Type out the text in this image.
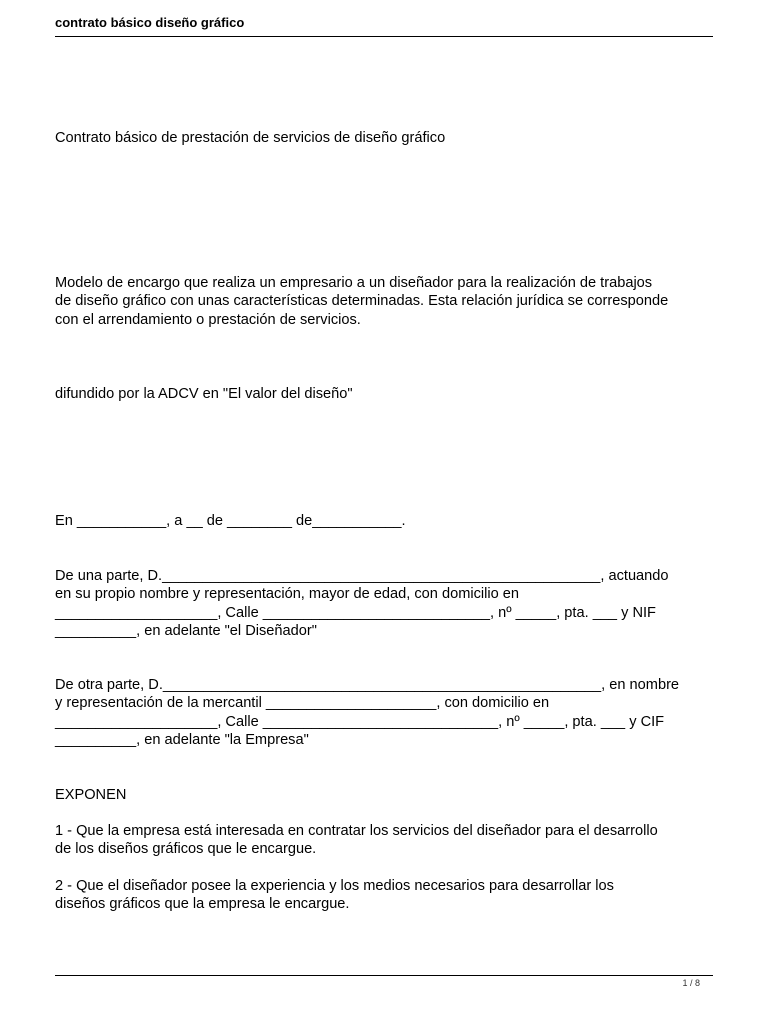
contrato básico diseño gráfico
Contrato básico de prestación de servicios de diseño gráfico
Modelo de encargo que realiza un empresario a un diseñador para la realización de trabajos
de diseño gráfico con unas características determinadas. Esta relación jurídica se corresponde
con el arrendamiento o prestación de servicios.
difundido por la ADCV en "El valor del diseño"
En ___________, a __ de ________ de___________.
De una parte, D.______________________________________________________, actuando
en su propio nombre y representación, mayor de edad, con domicilio en
____________________, Calle ____________________________, nº _____, pta. ___ y NIF
__________, en adelante "el Diseñador"
De otra parte, D.______________________________________________________, en nombre
y representación de la mercantil _____________________, con domicilio en
____________________, Calle _____________________________, nº _____, pta. ___ y CIF
__________, en adelante "la Empresa"
EXPONEN
1 - Que la empresa está interesada en contratar los servicios del diseñador para el desarrollo
de los diseños gráficos que le encargue.
2 - Que el diseñador posee la experiencia y los medios necesarios para desarrollar los
diseños gráficos que la empresa le encargue.
1 / 8
